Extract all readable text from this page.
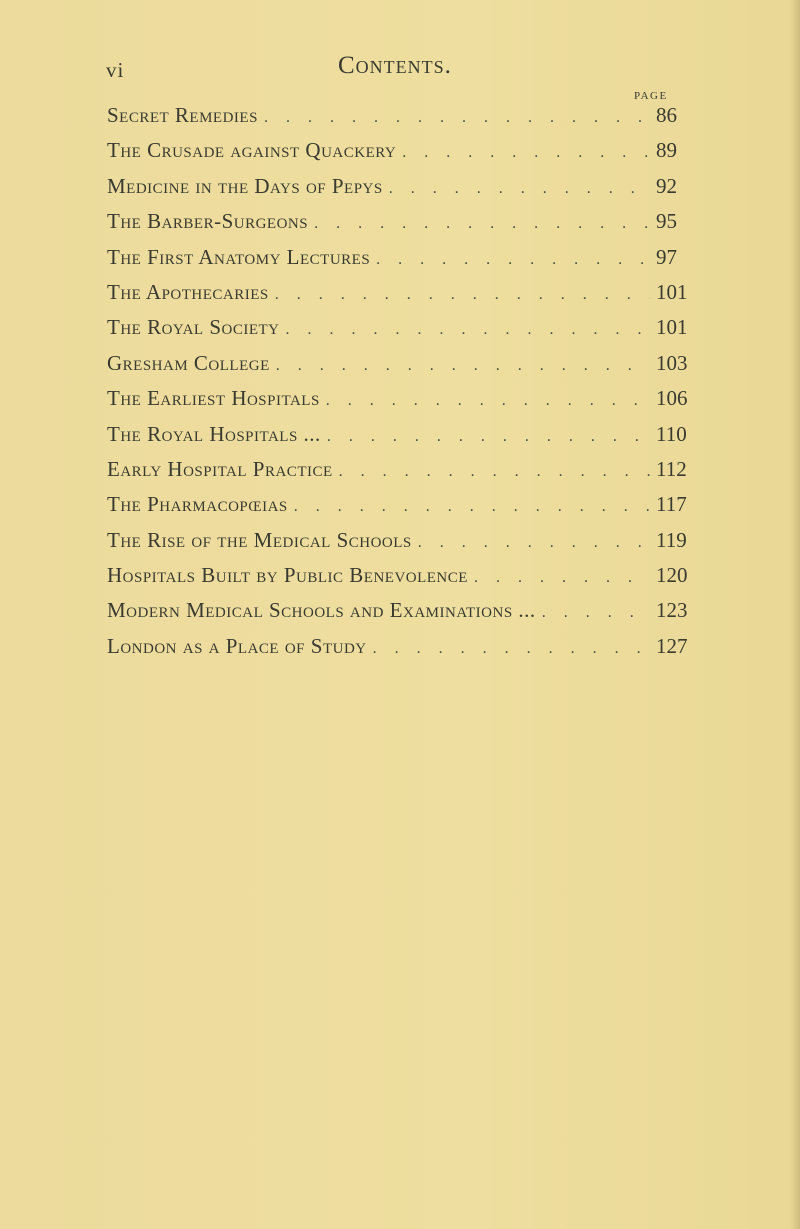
vi	Contents.
PAGE
Secret Remedies . . .	86
The Crusade against Quackery . . .	89
Medicine in the Days of Pepys . . .	92
The Barber-Surgeons . . .	95
The First Anatomy Lectures . . .	97
The Apothecaries . . .	101
The Royal Society . . .	101
Gresham College . . .	103
The Earliest Hospitals . . .	106
The Royal Hospitals ... . . .	110
Early Hospital Practice . . .	112
The Pharmacopœias . . .	117
The Rise of the Medical Schools . . .	119
Hospitals Built by Public Benevolence . . .	120
Modern Medical Schools and Examinations ... . . .	123
London as a Place of Study . . .	127
